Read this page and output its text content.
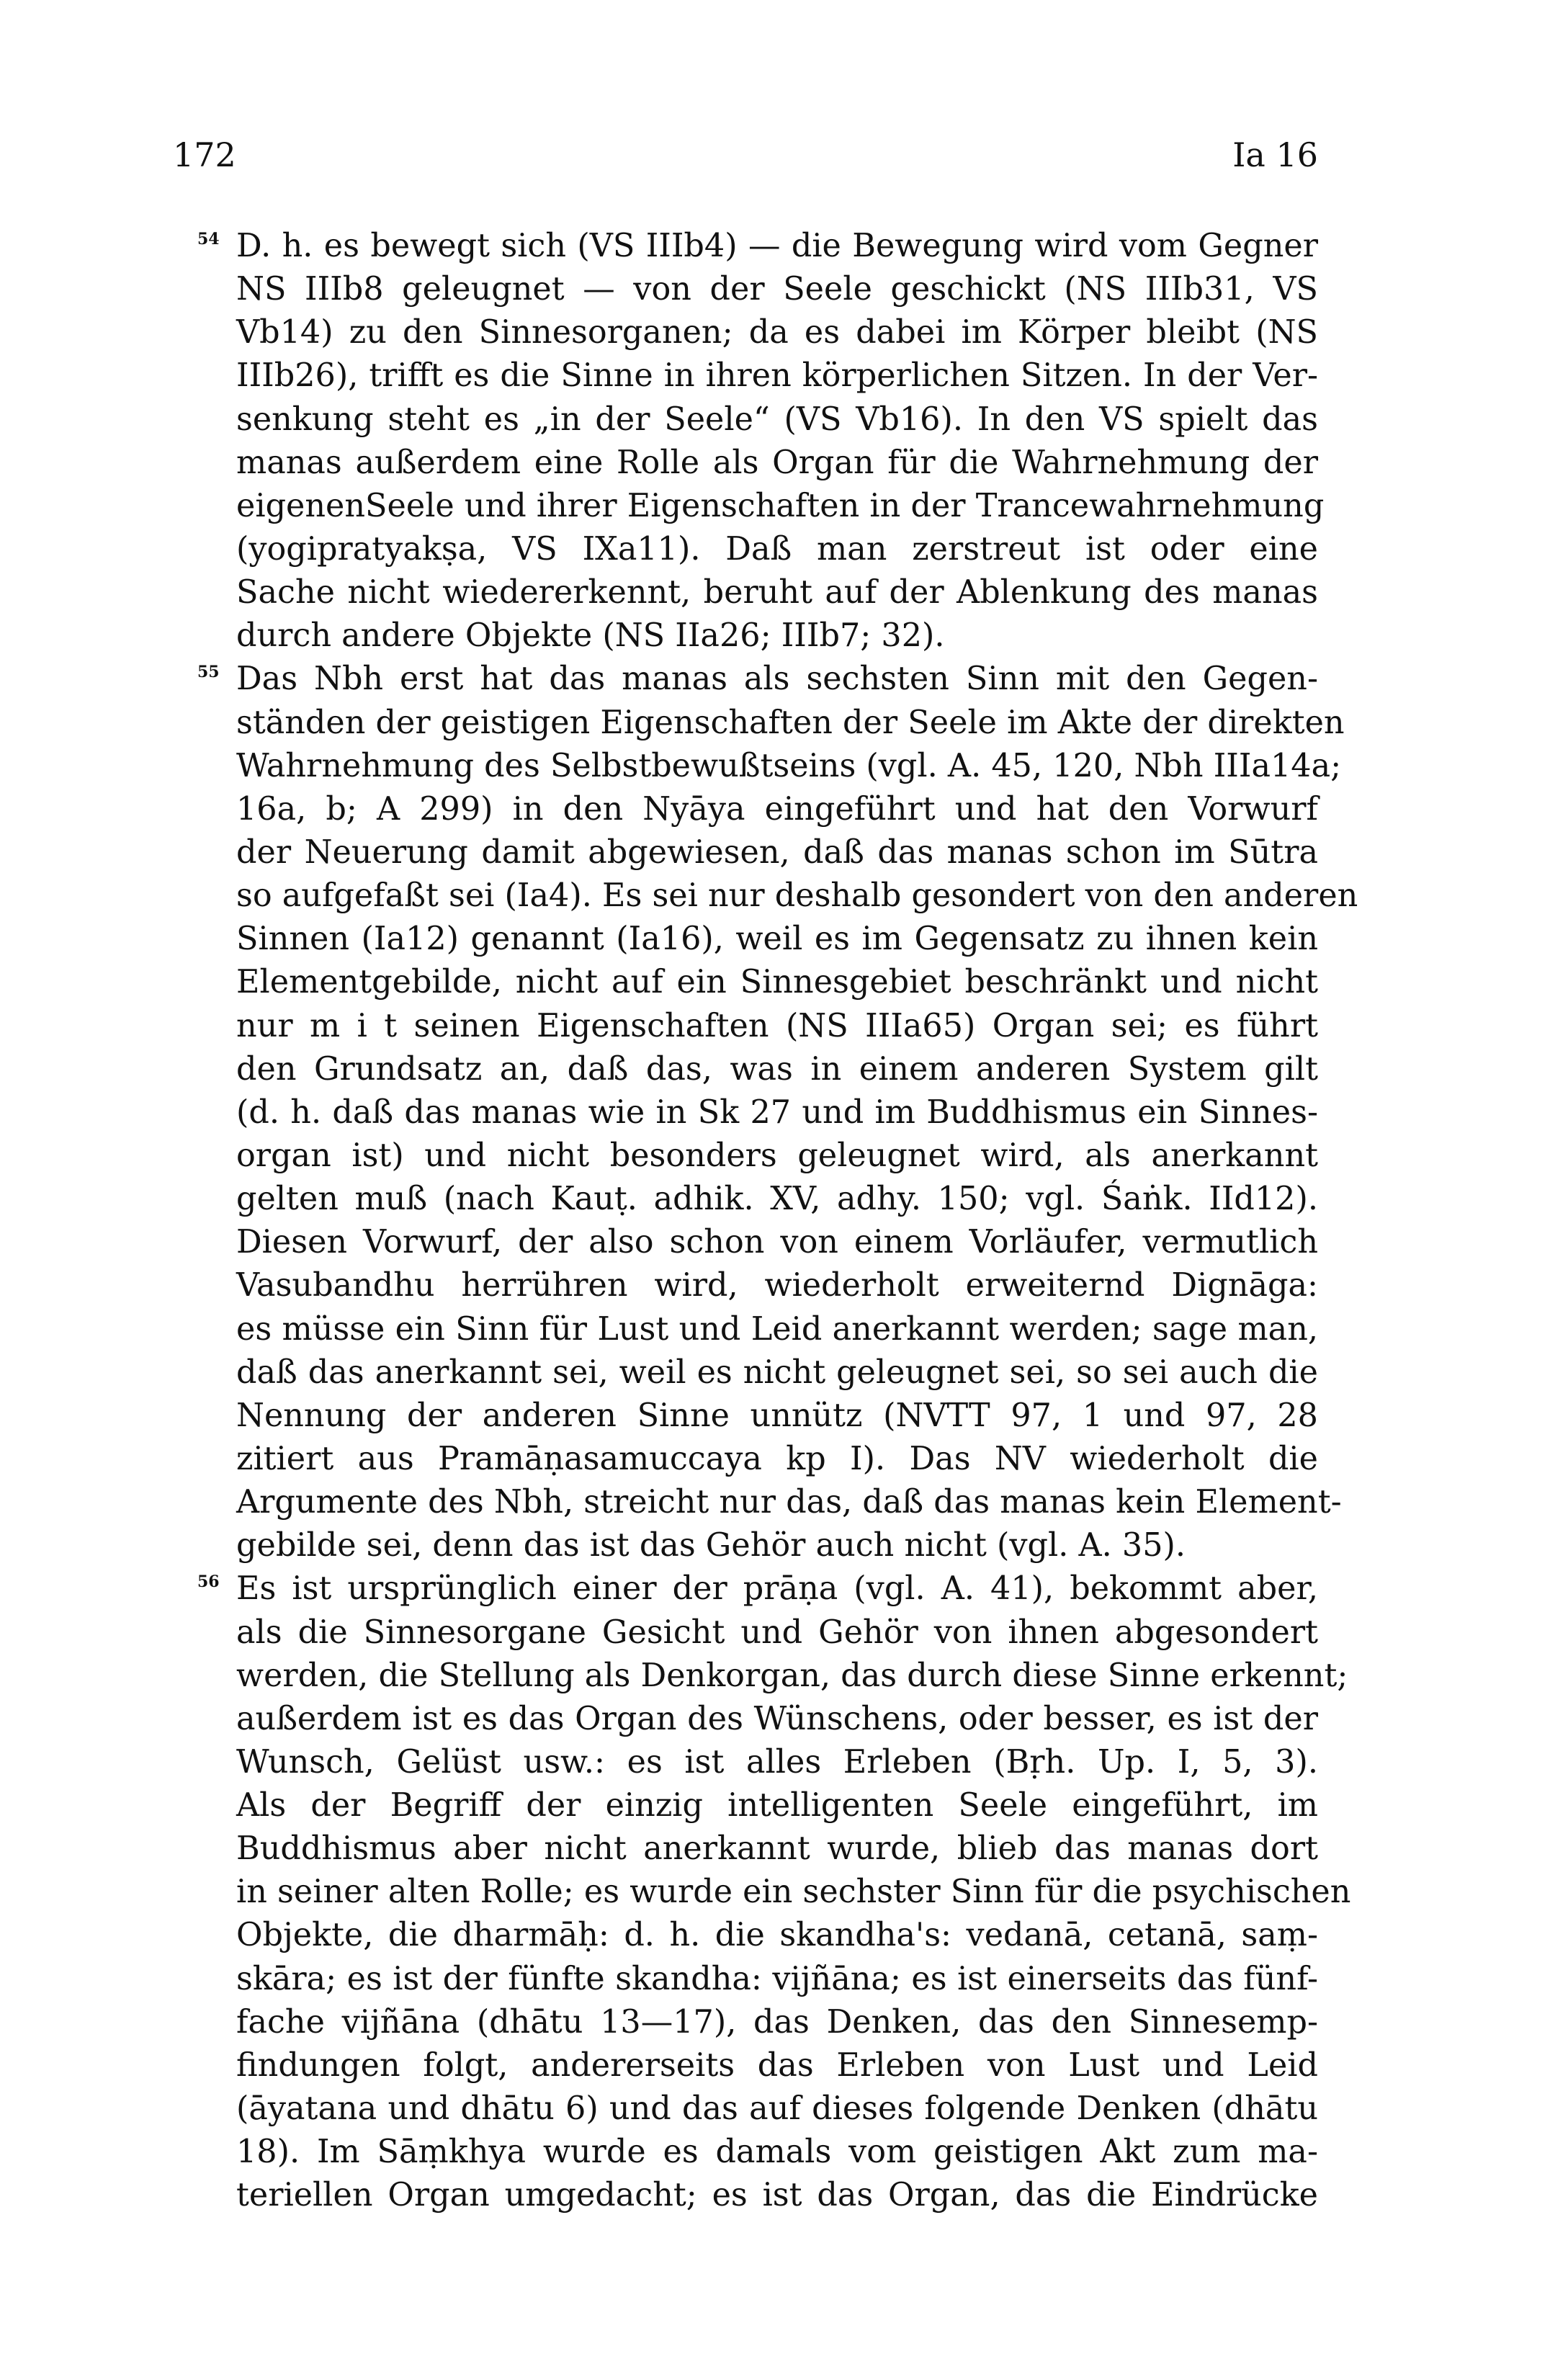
172	Ia 16
54 D. h. es bewegt sich (VS IIIb4) — die Bewegung wird vom Gegner
NS IIIb8 geleugnet — von der Seele geschickt (NS IIIb31, VS
Vb14) zu den Sinnesorganen; da es dabei im Körper bleibt (NS
IIIb26), trifft es die Sinne in ihren körperlichen Sitzen. In der Ver-
senkung steht es „in der Seele“ (VS Vb16). In den VS spielt das
manas außerdem eine Rolle als Organ für die Wahrnehmung der
eigenenSeele und ihrer Eigenschaften in der Trancewahrnehmung
(yogipratyakṣa, VS IXa11). Daß man zerstreut ist oder eine
Sache nicht wiedererkennt, beruht auf der Ablenkung des manas
durch andere Objekte (NS IIa26; IIIb7; 32).
55 Das Nbh erst hat das manas als sechsten Sinn mit den Gegen-
ständen der geistigen Eigenschaften der Seele im Akte der direkten
Wahrnehmung des Selbstbewußtseins (vgl. A. 45, 120, Nbh IIIa14a;
16a, b; A 299) in den Nyāya eingeführt und hat den Vorwurf
der Neuerung damit abgewiesen, daß das manas schon im Sūtra
so aufgefaßt sei (Ia4). Es sei nur deshalb gesondert von den anderen
Sinnen (Ia12) genannt (Ia16), weil es im Gegensatz zu ihnen kein
Elementgebilde, nicht auf ein Sinnesgebiet beschränkt und nicht
nur m i t seinen Eigenschaften (NS IIIa65) Organ sei; es führt
den Grundsatz an, daß das, was in einem anderen System gilt
(d. h. daß das manas wie in Sk 27 und im Buddhismus ein Sinnes-
organ ist) und nicht besonders geleugnet wird, als anerkannt
gelten muß (nach Kauṭ. adhik. XV, adhy. 150; vgl. Śaṅk. IId12).
Diesen Vorwurf, der also schon von einem Vorläufer, vermutlich
Vasubandhu herrühren wird, wiederholt erweiternd Dignāga:
es müsse ein Sinn für Lust und Leid anerkannt werden; sage man,
daß das anerkannt sei, weil es nicht geleugnet sei, so sei auch die
Nennung der anderen Sinne unnütz (NVTT 97, 1 und 97, 28
zitiert aus Pramāṇasamuccaya kp I). Das NV wiederholt die
Argumente des Nbh, streicht nur das, daß das manas kein Element-
gebilde sei, denn das ist das Gehör auch nicht (vgl. A. 35).
56 Es ist ursprünglich einer der prāṇa (vgl. A. 41), bekommt aber,
als die Sinnesorgane Gesicht und Gehör von ihnen abgesondert
werden, die Stellung als Denkorgan, das durch diese Sinne erkennt;
außerdem ist es das Organ des Wünschens, oder besser, es ist der
Wunsch, Gelüst usw.: es ist alles Erleben (Bṛh. Up. I, 5, 3).
Als der Begriff der einzig intelligenten Seele eingeführt, im
Buddhismus aber nicht anerkannt wurde, blieb das manas dort
in seiner alten Rolle; es wurde ein sechster Sinn für die psychischen
Objekte, die dharmāḥ: d. h. die skandha's: vedanā, cetanā, saṃ-
skāra; es ist der fünfte skandha: vijñāna; es ist einerseits das fünf-
fache vijñāna (dhātu 13—17), das Denken, das den Sinnesemp-
findungen folgt, andererseits das Erleben von Lust und Leid
(āyatana und dhātu 6) und das auf dieses folgende Denken (dhātu
18). Im Sāṃkhya wurde es damals vom geistigen Akt zum ma-
teriellen Organ umgedacht; es ist das Organ, das die Eindrücke
